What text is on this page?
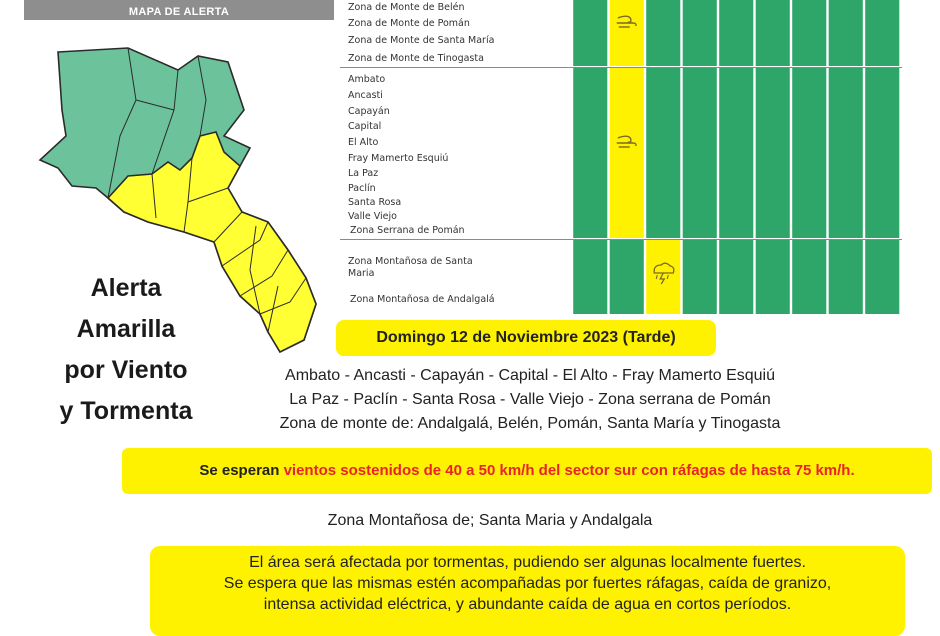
MAPA DE ALERTA
Alerta
Amarilla
por Viento
y Tormenta
Zona de Monte de Belén
Zona de Monte de Pomán
Zona de Monte de Santa María
Zona de Monte de Tinogasta
Ambato
Ancasti
Capayán
Capital
El Alto
Fray Mamerto Esquiú
La Paz
Paclín
Santa Rosa
Valle Viejo
Zona Serrana de Pomán
Zona Montañosa de Santa
Maria
Zona Montañosa de Andalgalá
Domingo 12 de Noviembre 2023 (Tarde)
Ambato - Ancasti - Capayán - Capital - El Alto - Fray Mamerto Esquiú
La Paz - Paclín - Santa Rosa - Valle Viejo - Zona serrana de Pomán
Zona de monte de: Andalgalá, Belén, Pomán, Santa María y Tinogasta
Se esperan vientos sostenidos de 40 a 50 km/h del sector sur con ráfagas de hasta 75 km/h.
Zona Montañosa de; Santa Maria y Andalgala
El área será afectada por tormentas, pudiendo ser algunas localmente fuertes.
Se espera que las mismas estén acompañadas por fuertes ráfagas, caída de granizo,
intensa actividad eléctrica, y abundante caída de agua en cortos períodos.
